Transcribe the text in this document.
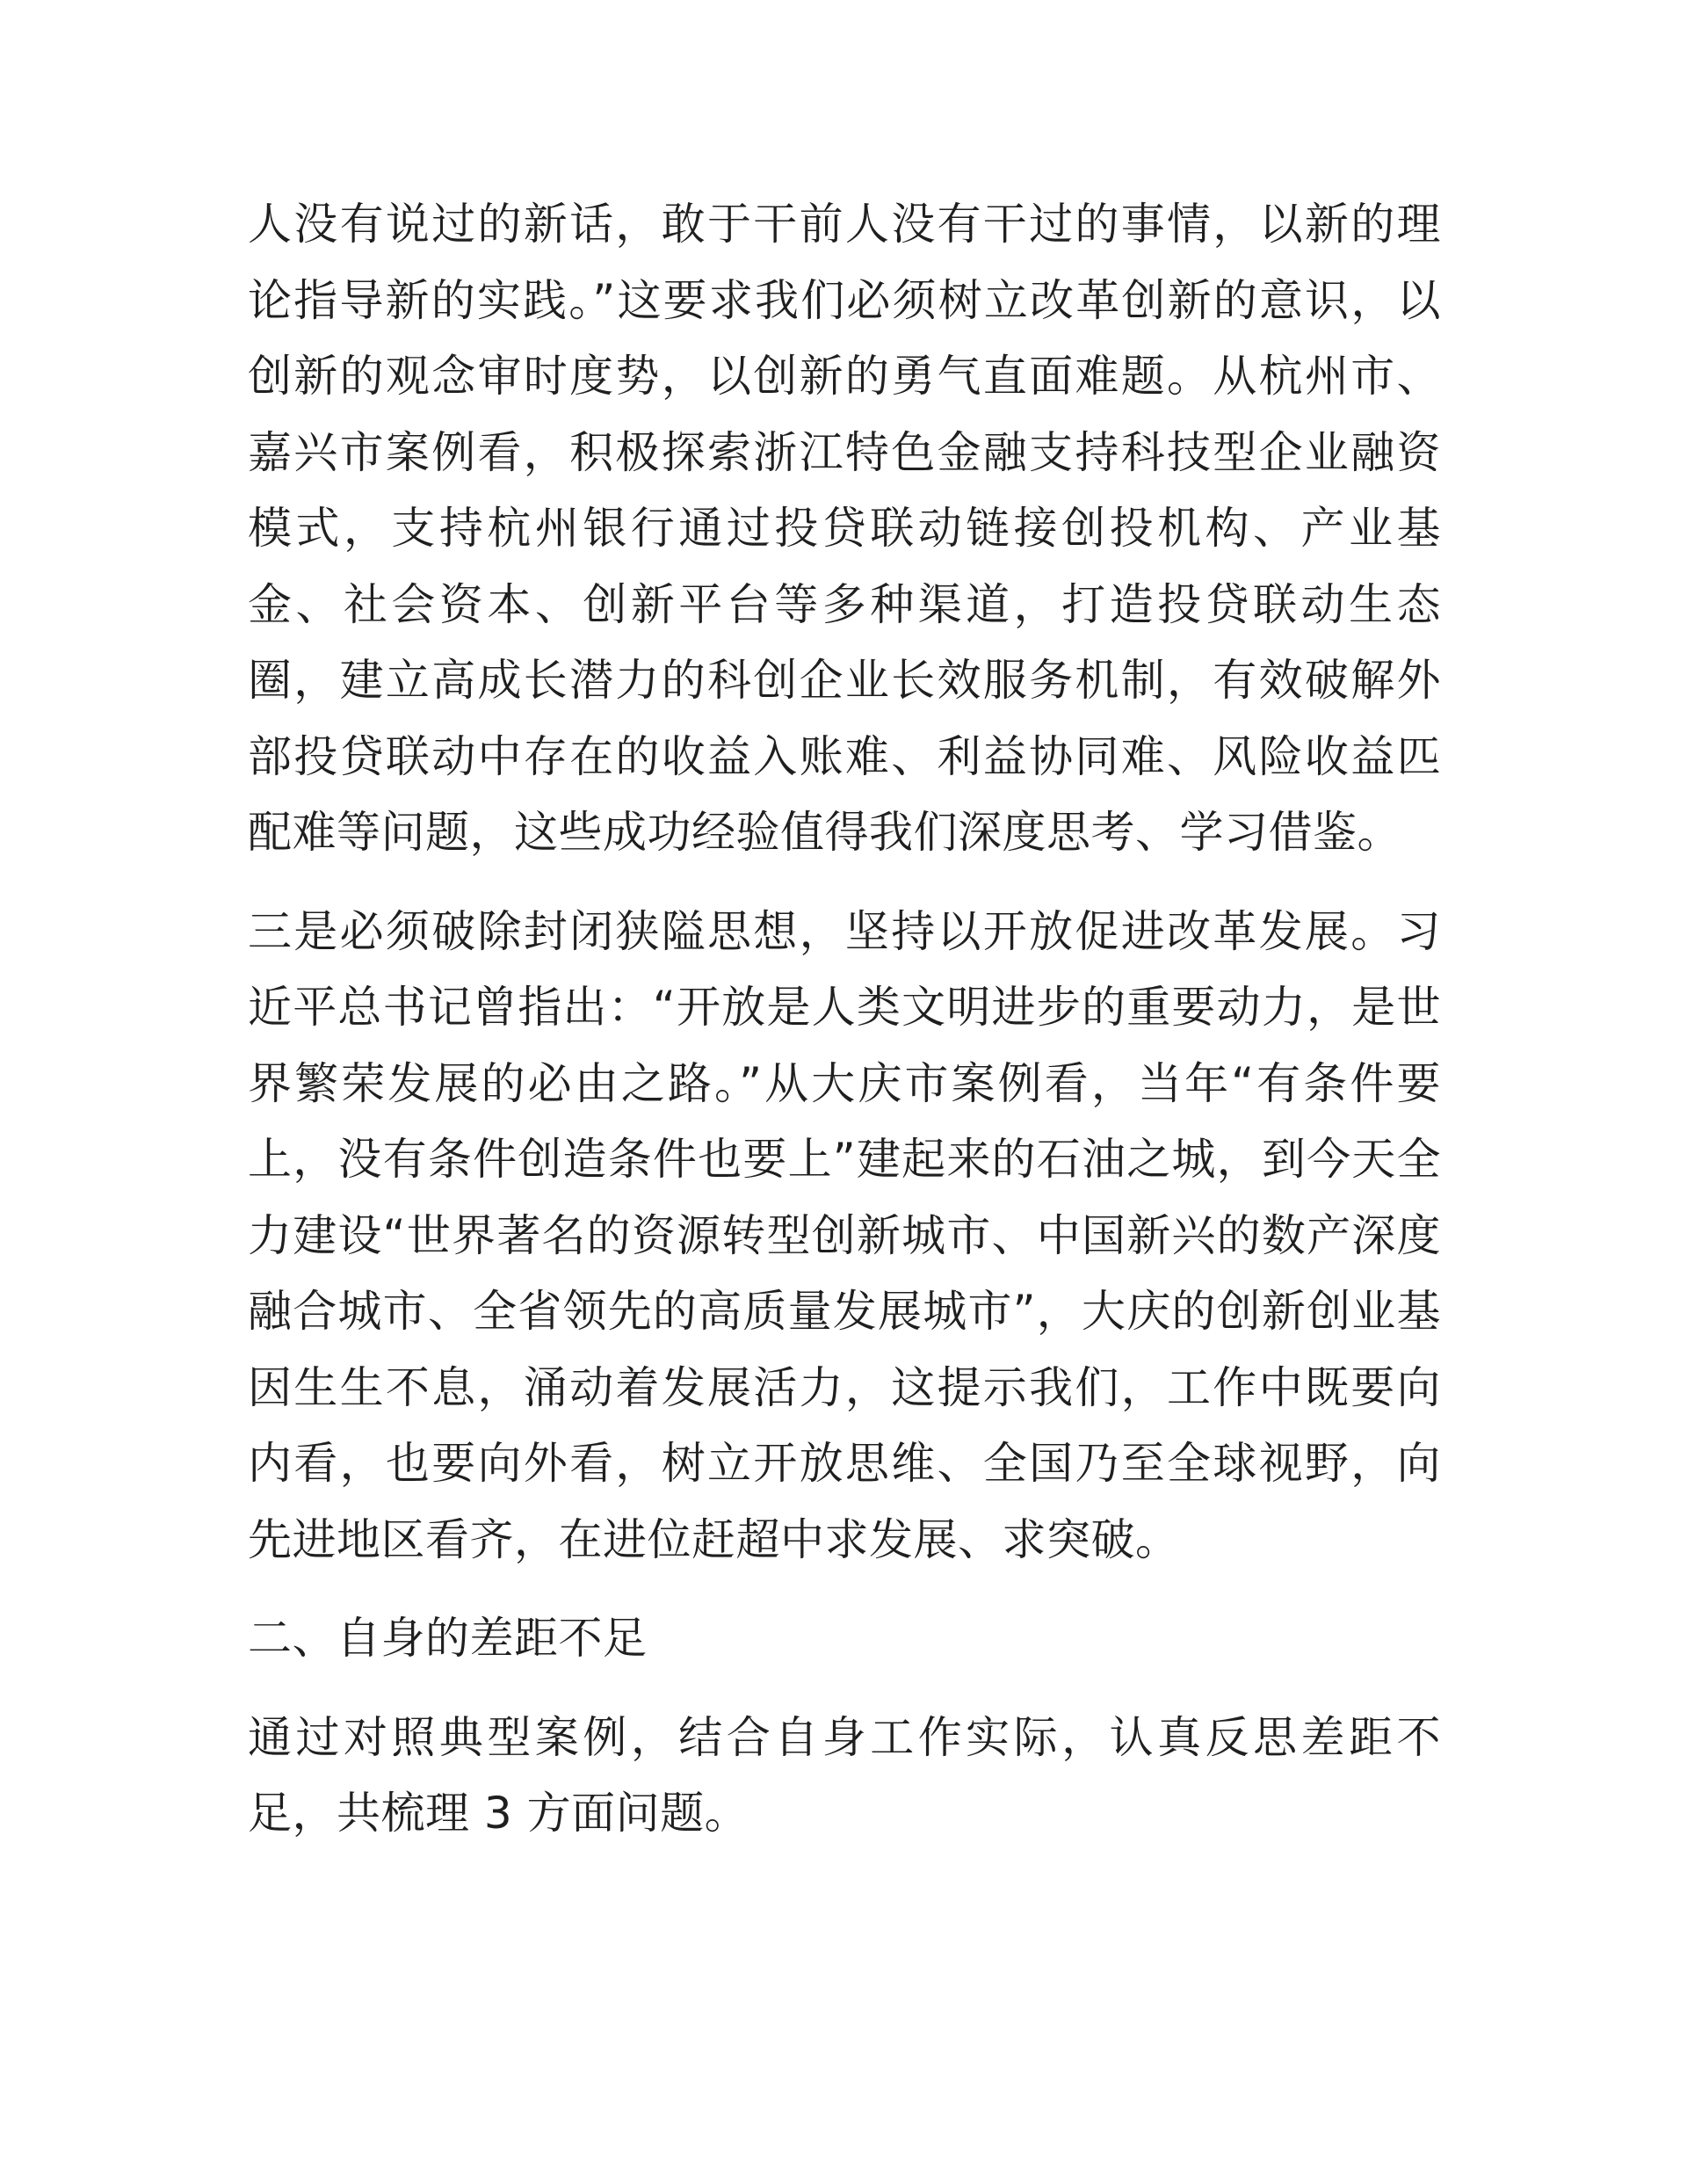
人没有说过的新话，敢于干前人没有干过的事情，以新的理论指导新的实践。”这要求我们必须树立改革创新的意识，以创新的观念审时度势，以创新的勇气直面难题。从杭州市、嘉兴市案例看，积极探索浙江特色金融支持科技型企业融资模式，支持杭州银行通过投贷联动链接创投机构、产业基金、社会资本、创新平台等多种渠道，打造投贷联动生态圈，建立高成长潜力的科创企业长效服务机制，有效破解外部投贷联动中存在的收益入账难、利益协同难、风险收益匹配难等问题，这些成功经验值得我们深度思考、学习借鉴。

三是必须破除封闭狭隘思想，坚持以开放促进改革发展。习近平总书记曾指出：“开放是人类文明进步的重要动力，是世界繁荣发展的必由之路。”从大庆市案例看，当年“有条件要上，没有条件创造条件也要上”建起来的石油之城，到今天全力建设“世界著名的资源转型创新城市、中国新兴的数产深度融合城市、全省领先的高质量发展城市”，大庆的创新创业基因生生不息，涌动着发展活力，这提示我们，工作中既要向内看，也要向外看，树立开放思维、全国乃至全球视野，向先进地区看齐，在进位赶超中求发展、求突破。

二、自身的差距不足

通过对照典型案例，结合自身工作实际，认真反思差距不足，共梳理 3 方面问题。
